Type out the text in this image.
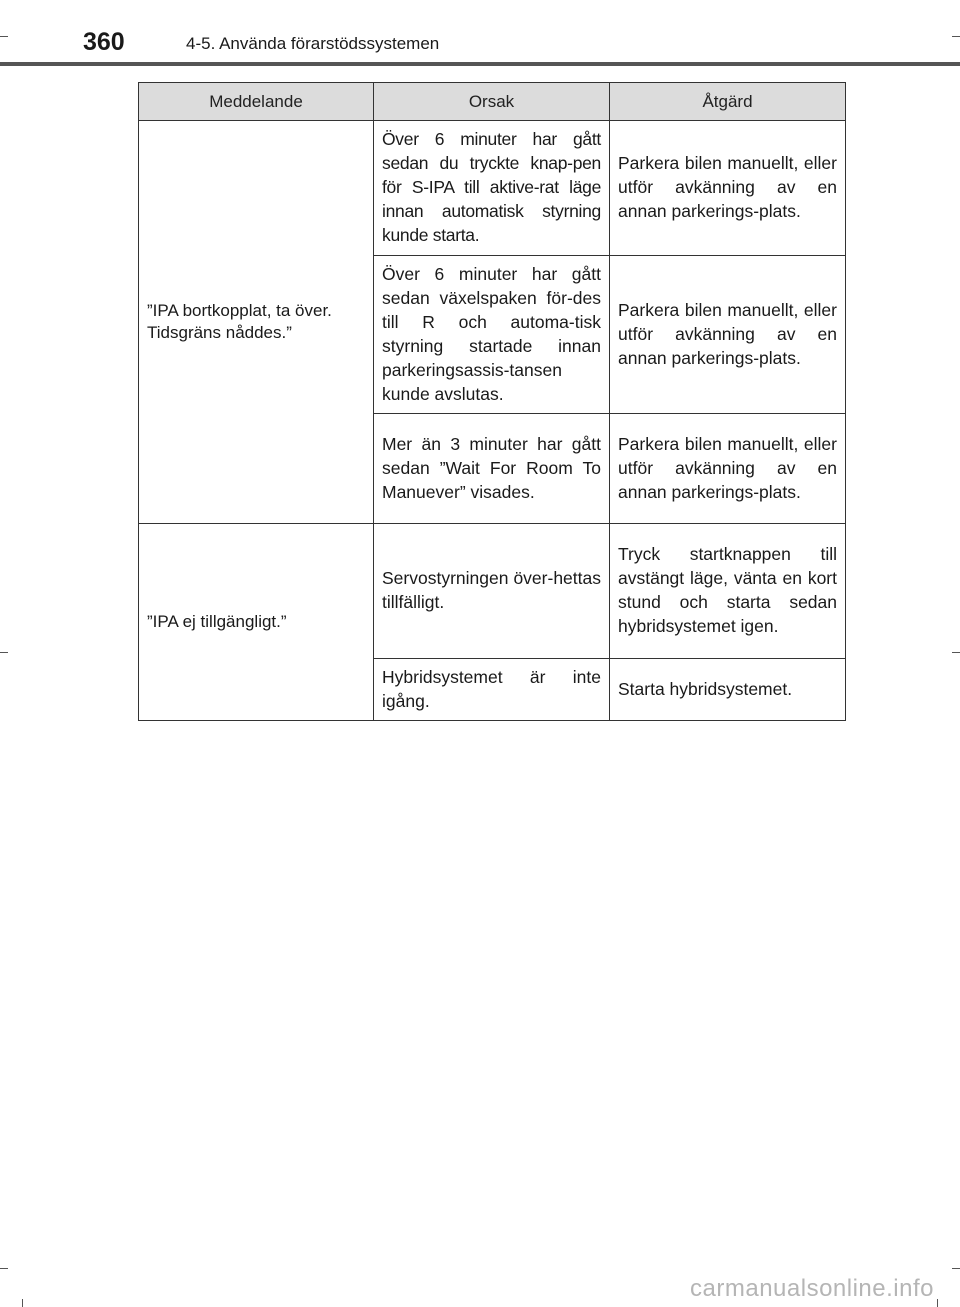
360	4-5. Använda förarstödssystemen
Meddelande	Orsak	Åtgärd
”IPA bortkopplat, ta över. Tidsgräns nåddes.”	Över 6 minuter har gått sedan du tryckte knap-pen för S-IPA till aktive-rat läge innan automatisk styrning kunde starta.	Parkera bilen manuellt, eller utför avkänning av en annan parkerings-plats.
	Över 6 minuter har gått sedan växelspaken för-des till R och automa-tisk styrning startade innan parkeringsassis-tansen kunde avslutas.	Parkera bilen manuellt, eller utför avkänning av en annan parkerings-plats.
	Mer än 3 minuter har gått sedan ”Wait For Room To Manuever” visades.	Parkera bilen manuellt, eller utför avkänning av en annan parkerings-plats.
”IPA ej tillgängligt.”	Servostyrningen över-hettas tillfälligt.	Tryck startknappen till avstängt läge, vänta en kort stund och starta sedan hybridsystemet igen.
	Hybridsystemet är inte igång.	Starta hybridsystemet.
carmanualsonline.info
